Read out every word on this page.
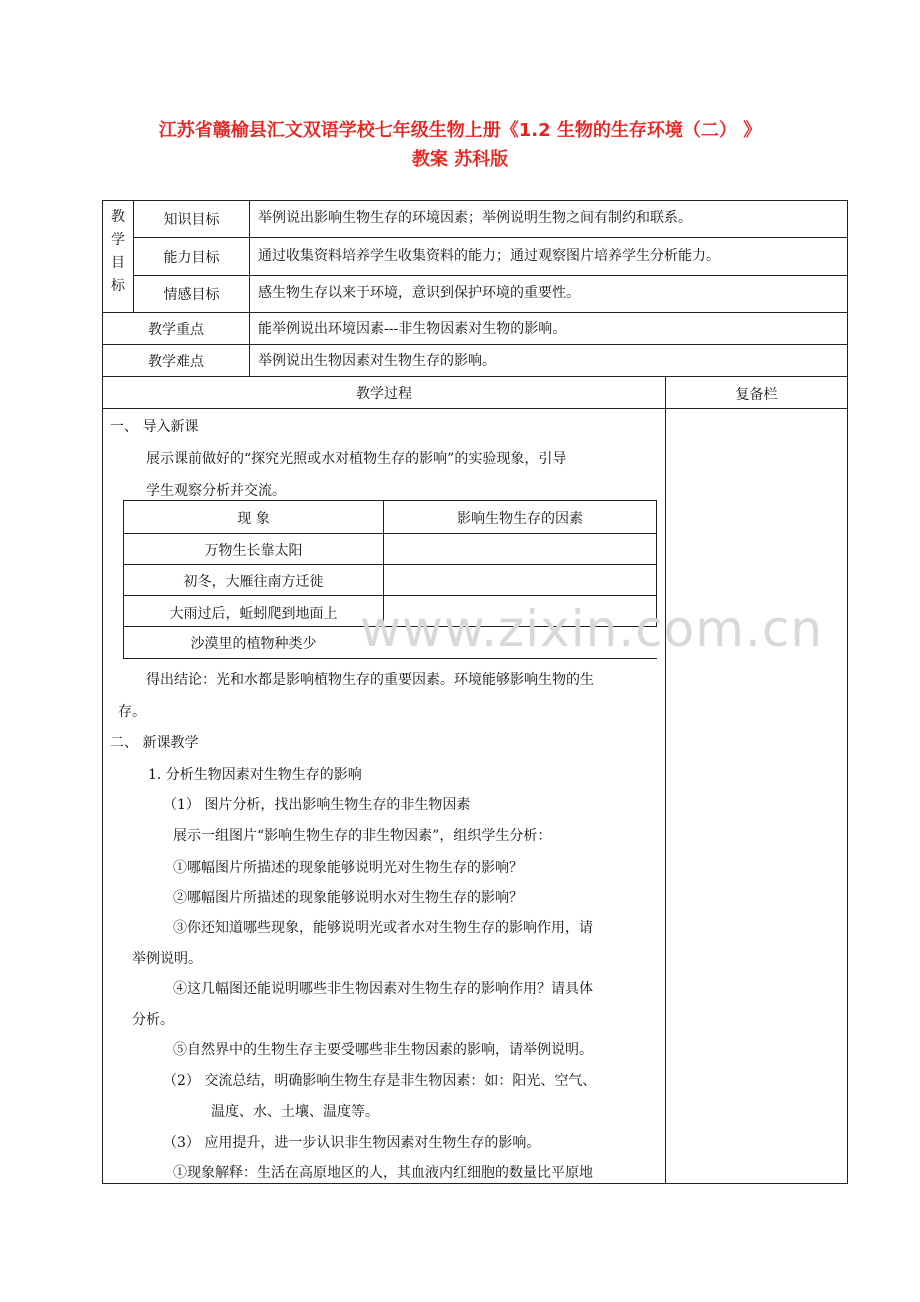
江苏省赣榆县汇文双语学校七年级生物上册《1.2 生物的生存环境（二） 》
教案 苏科版
教
学
目
标
知识目标	举例说出影响生物生存的环境因素；举例说明生物之间有制约和联系。
能力目标	通过收集资料培养学生收集资料的能力；通过观察图片培养学生分析能力。
情感目标	感生物生存以来于环境，意识到保护环境的重要性。
教学重点	能举例说出环境因素---非生物因素对生物的影响。
教学难点	举例说出生物因素对生物生存的影响。
教学过程	复备栏
一、 导入新课
展示课前做好的“探究光照或水对植物生存的影响”的实验现象，引导
学生观察分析并交流。
现 象	影响生物生存的因素
万物生长靠太阳
初冬，大雁往南方迁徙
大雨过后，蚯蚓爬到地面上
沙漠里的植物种类少
得出结论：光和水都是影响植物生存的重要因素。环境能够影响生物的生
存。
二、 新课教学
1. 分析生物因素对生物生存的影响
（1） 图片分析，找出影响生物生存的非生物因素
展示一组图片“影响生物生存的非生物因素”，组织学生分析：
①哪幅图片所描述的现象能够说明光对生物生存的影响？
②哪幅图片所描述的现象能够说明水对生物生存的影响？
③你还知道哪些现象，能够说明光或者水对生物生存的影响作用，请
举例说明。
④这几幅图还能说明哪些非生物因素对生物生存的影响作用？请具体
分析。
⑤自然界中的生物生存主要受哪些非生物因素的影响，请举例说明。
（2） 交流总结，明确影响生物生存是非生物因素：如：阳光、空气、
温度、水、土壤、温度等。
（3） 应用提升，进一步认识非生物因素对生物生存的影响。
①现象解释：生活在高原地区的人，其血液内红细胞的数量比平原地
www.zixin.com.cn
